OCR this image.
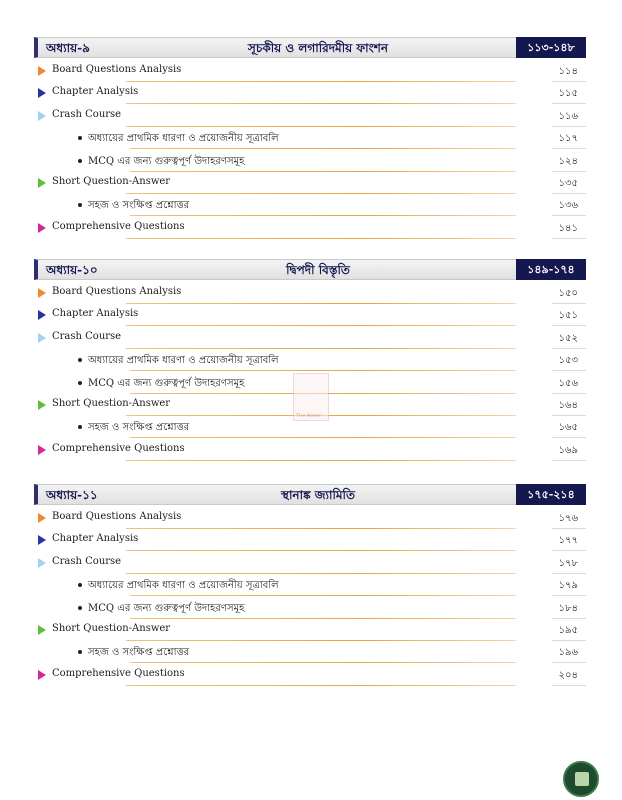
অধ্যায়-৯	সূচকীয় ও লগারিদমীয় ফাংশন	১১৩-১৪৮
Board Questions Analysis	১১৪
Chapter Analysis	১১৫
Crash Course	১১৬
অধ্যায়ের প্রাথমিক ধারণা ও প্রয়োজনীয় সূত্রাবলি	১১৭
MCQ এর জন্য গুরুত্বপূর্ণ উদাহরণসমূহ	১২৪
Short Question-Answer	১৩৫
সহজ ও সংক্ষিপ্ত প্রশ্নোত্তর	১৩৬
Comprehensive Questions	১৪১
অধ্যায়-১০	দ্বিপদী বিস্তৃতি	১৪৯-১৭৪
Board Questions Analysis	১৫০
Chapter Analysis	১৫১
Crash Course	১৫২
অধ্যায়ের প্রাথমিক ধারণা ও প্রয়োজনীয় সূত্রাবলি	১৫৩
MCQ এর জন্য গুরুত্বপূর্ণ উদাহরণসমূহ	১৫৬
Short Question-Answer	১৬৪
সহজ ও সংক্ষিপ্ত প্রশ্নোত্তর	১৬৫
Comprehensive Questions	১৬৯
অধ্যায়-১১	স্থানাঙ্ক জ্যামিতি	১৭৫-২১৪
Board Questions Analysis	১৭৬
Chapter Analysis	১৭৭
Crash Course	১৭৮
অধ্যায়ের প্রাথমিক ধারণা ও প্রয়োজনীয় সূত্রাবলি	১৭৯
MCQ এর জন্য গুরুত্বপূর্ণ উদাহরণসমূহ	১৮৪
Short Question-Answer	১৯৫
সহজ ও সংক্ষিপ্ত প্রশ্নোত্তর	১৯৬
Comprehensive Questions	২০৪
The Royal
